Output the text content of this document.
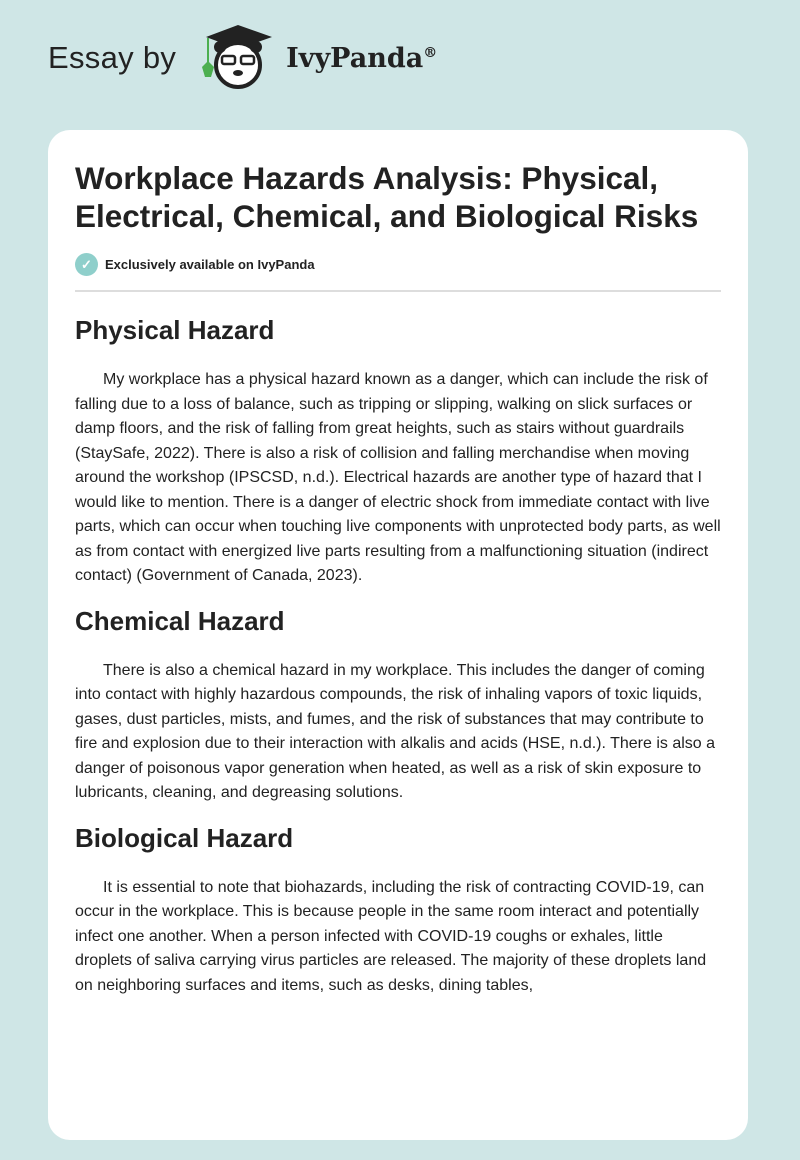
Essay by	IvyPanda®
Workplace Hazards Analysis: Physical, Electrical, Chemical, and Biological Risks
✓	Exclusively available on IvyPanda
Physical Hazard

My workplace has a physical hazard known as a danger, which can include the risk of falling due to a loss of balance, such as tripping or slipping, walking on slick surfaces or damp floors, and the risk of falling from great heights, such as stairs without guardrails (StaySafe, 2022). There is also a risk of collision and falling merchandise when moving around the workshop (IPSCSD, n.d.). Electrical hazards are another type of hazard that I would like to mention. There is a danger of electric shock from immediate contact with live parts, which can occur when touching live components with unprotected body parts, as well as from contact with energized live parts resulting from a malfunctioning situation (indirect contact) (Government of Canada, 2023).

Chemical Hazard

There is also a chemical hazard in my workplace. This includes the danger of coming into contact with highly hazardous compounds, the risk of inhaling vapors of toxic liquids, gases, dust particles, mists, and fumes, and the risk of substances that may contribute to fire and explosion due to their interaction with alkalis and acids (HSE, n.d.). There is also a danger of poisonous vapor generation when heated, as well as a risk of skin exposure to lubricants, cleaning, and degreasing solutions.

Biological Hazard

It is essential to note that biohazards, including the risk of contracting COVID-19, can occur in the workplace. This is because people in the same room interact and potentially infect one another. When a person infected with COVID-19 coughs or exhales, little droplets of saliva carrying virus particles are released. The majority of these droplets land on neighboring surfaces and items, such as desks, dining tables,
